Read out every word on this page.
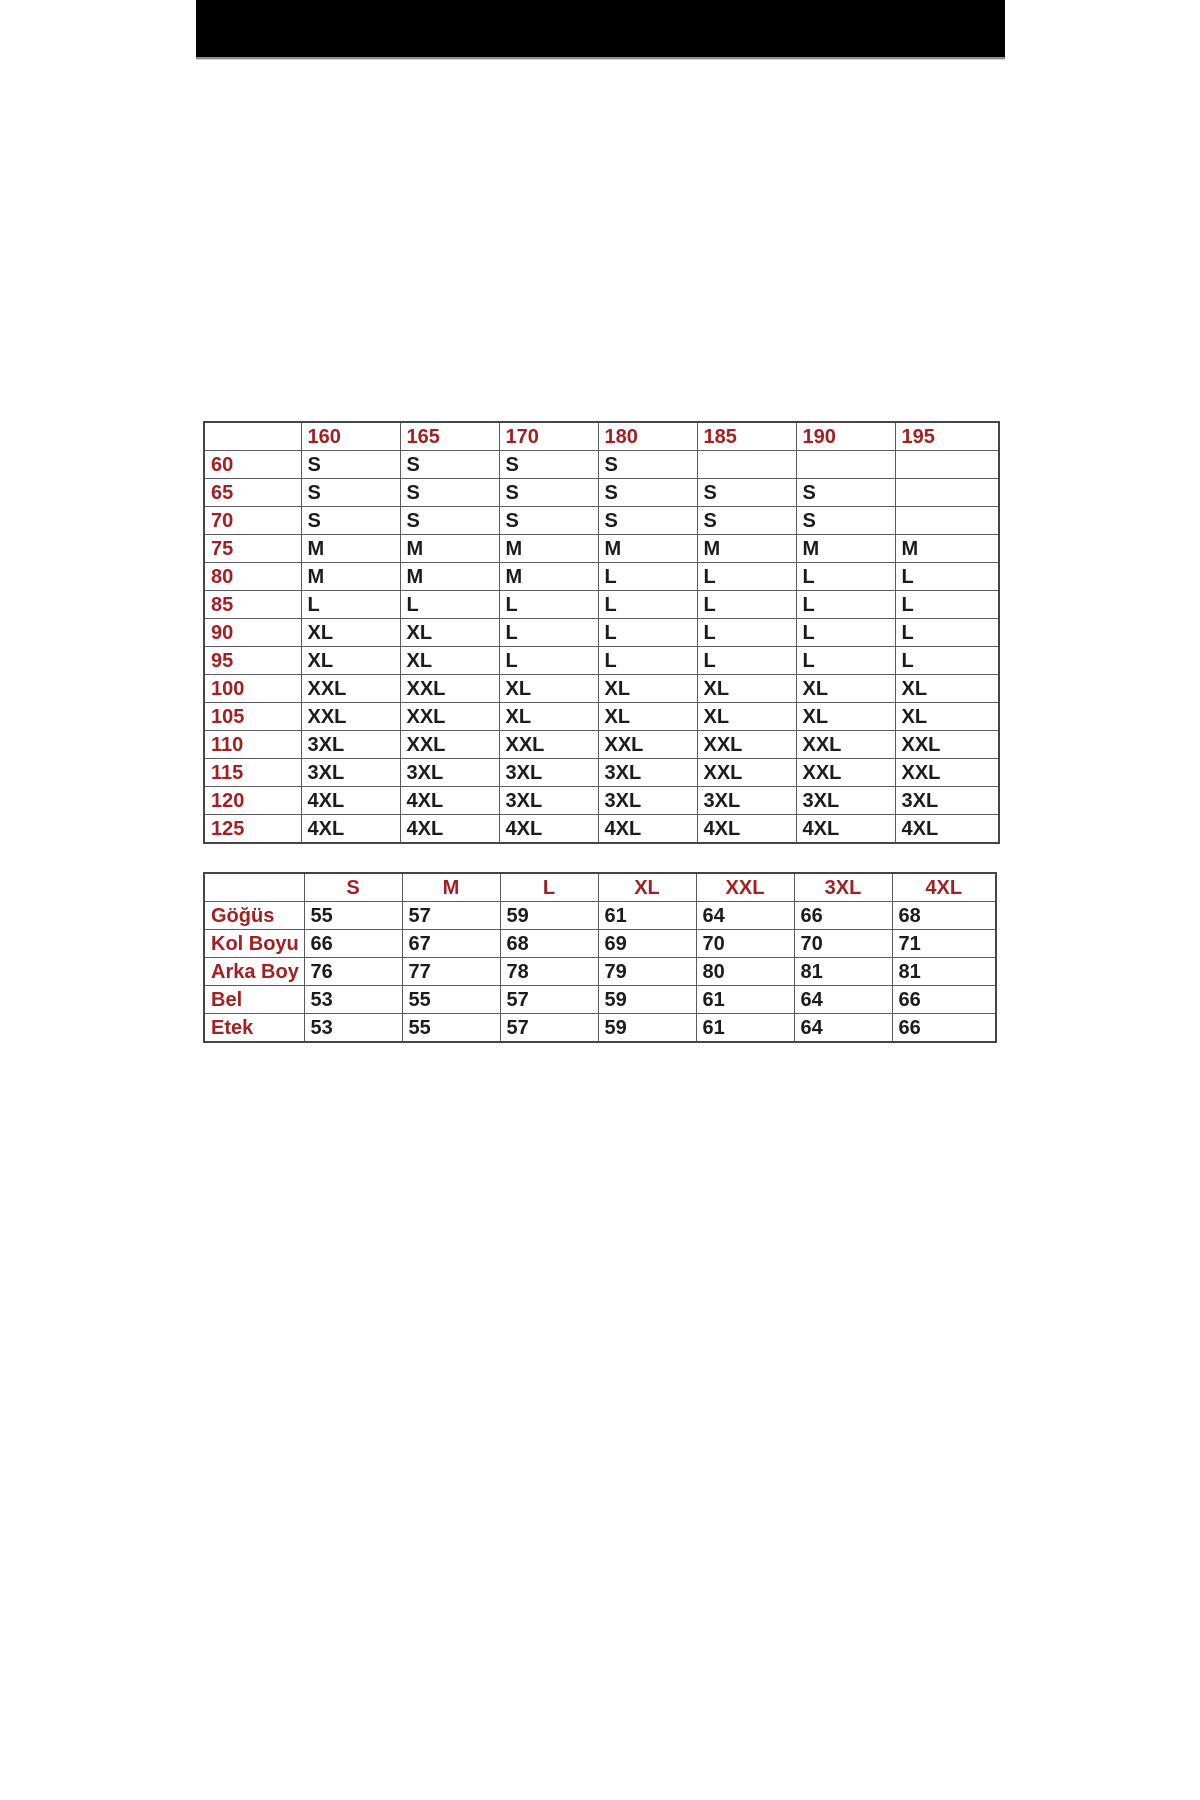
	160	165	170	180	185	190	195
60	S	S	S	S			
65	S	S	S	S	S	S	
70	S	S	S	S	S	S	
75	M	M	M	M	M	M	M
80	M	M	M	L	L	L	L
85	L	L	L	L	L	L	L
90	XL	XL	L	L	L	L	L
95	XL	XL	L	L	L	L	L
100	XXL	XXL	XL	XL	XL	XL	XL
105	XXL	XXL	XL	XL	XL	XL	XL
110	3XL	XXL	XXL	XXL	XXL	XXL	XXL
115	3XL	3XL	3XL	3XL	XXL	XXL	XXL
120	4XL	4XL	3XL	3XL	3XL	3XL	3XL
125	4XL	4XL	4XL	4XL	4XL	4XL	4XL
	S	M	L	XL	XXL	3XL	4XL
Göğüs	55	57	59	61	64	66	68
Kol Boyu	66	67	68	69	70	70	71
Arka Boy	76	77	78	79	80	81	81
Bel	53	55	57	59	61	64	66
Etek	53	55	57	59	61	64	66
